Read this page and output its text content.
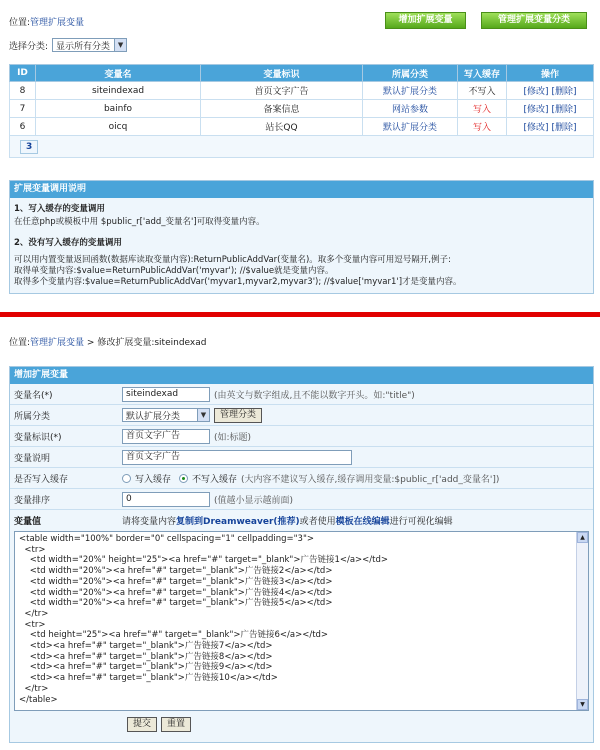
位置:管理扩展变量	增加扩展变量	管理扩展变量分类
选择分类: 显示所有分类	▼
ID	变量名	变量标识	所属分类	写入缓存	操作
8	siteindexad	首页文字广告	默认扩展分类	不写入	[修改] [删除]
7	bainfo	备案信息	网站参数	写入	[修改] [删除]
6	oicq	站长QQ	默认扩展分类	写入	[修改] [删除]
3					
扩展变量调用说明
1、写入缓存的变量调用
在任意php或模板中用 $public_r['add_变量名']可取得变量内容。
2、没有写入缓存的变量调用
可以用内置变量返回函数(数据库读取变量内容):ReturnPublicAddVar(变量名)。取多个变量内容可用逗号隔开,例子:
取得单变量内容:$value=ReturnPublicAddVar('myvar'); //$value就是变量内容。
取得多个变量内容:$value=ReturnPublicAddVar('myvar1,myvar2,myvar3'); //$value['myvar1']才是变量内容。
位置:管理扩展变量 > 修改扩展变量:siteindexad
增加扩展变量
变量名(*)	siteindexad	(由英文与数字组成,且不能以数字开头。如:"title")
所属分类	默认扩展分类	▼	管理分类
变量标识(*)	首页文字广告	(如:标题)
变量说明	首页文字广告
是否写入缓存	写入缓存 不写入缓存 (大内容不建议写入缓存,缓存调用变量:$public_r['add_变量名'])
变量排序	0	(值越小显示越前面)
变量值	请将变量内容 复制到Dreamweaver(推荐) 或者使用 模板在线编辑 进行可视化编辑
<table width="100%" border="0" cellspacing="1" cellpadding="3">
<tr>
<td width="20%" height="25"><a href="#" target="_blank">广告链接1</a></td>
<td width="20%"><a href="#" target="_blank">广告链接2</a></td>
<td width="20%"><a href="#" target="_blank">广告链接3</a></td>
<td width="20%"><a href="#" target="_blank">广告链接4</a></td>
<td width="20%"><a href="#" target="_blank">广告链接5</a></td>
</tr>
<tr>
<td height="25"><a href="#" target="_blank">广告链接6</a></td>
<td><a href="#" target="_blank">广告链接7</a></td>
<td><a href="#" target="_blank">广告链接8</a></td>
<td><a href="#" target="_blank">广告链接9</a></td>
<td><a href="#" target="_blank">广告链接10</a></td>
</tr>
</table>
▲
▼
提交	重置
